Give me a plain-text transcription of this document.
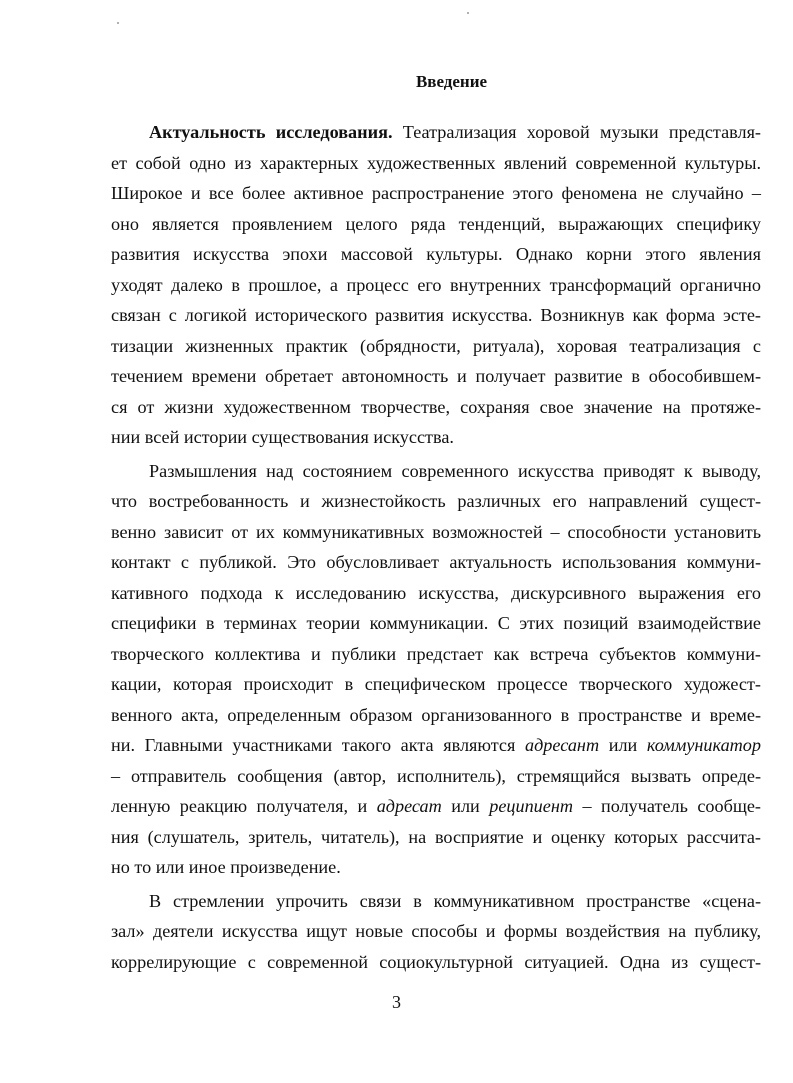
Введение
Актуальность исследования. Театрализация хоровой музыки представля-
ет собой одно из характерных художественных явлений современной культуры.
Широкое и все более активное распространение этого феномена не случайно –
оно является проявлением целого ряда тенденций, выражающих специфику
развития искусства эпохи массовой культуры. Однако корни этого явления
уходят далеко в прошлое, а процесс его внутренних трансформаций органично
связан с логикой исторического развития искусства. Возникнув как форма эсте-
тизации жизненных практик (обрядности, ритуала), хоровая театрализация с
течением времени обретает автономность и получает развитие в обособившем-
ся от жизни художественном творчестве, сохраняя свое значение на протяже-
нии всей истории существования искусства.
Размышления над состоянием современного искусства приводят к выводу,
что востребованность и жизнестойкость различных его направлений сущест-
венно зависит от их коммуникативных возможностей – способности установить
контакт с публикой. Это обусловливает актуальность использования коммуни-
кативного подхода к исследованию искусства, дискурсивного выражения его
специфики в терминах теории коммуникации. С этих позиций взаимодействие
творческого коллектива и публики предстает как встреча субъектов коммуни-
кации, которая происходит в специфическом процессе творческого художест-
венного акта, определенным образом организованного в пространстве и време-
ни. Главными участниками такого акта являются адресант или коммуникатор
– отправитель сообщения (автор, исполнитель), стремящийся вызвать опреде-
ленную реакцию получателя, и адресат или реципиент – получатель сообще-
ния (слушатель, зритель, читатель), на восприятие и оценку которых рассчита-
но то или иное произведение.
В стремлении упрочить связи в коммуникативном пространстве «сцена-
зал» деятели искусства ищут новые способы и формы воздействия на публику,
коррелирующие с современной социокультурной ситуацией. Одна из сущест-
3
